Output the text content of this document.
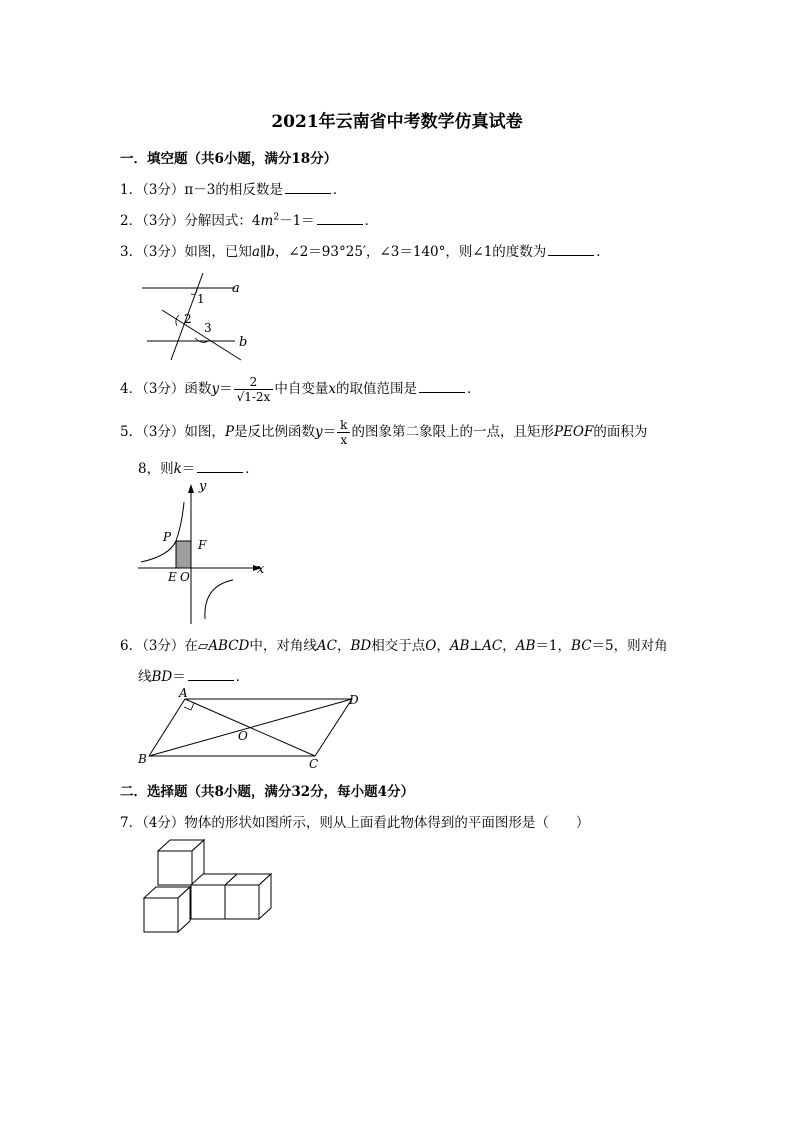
2021年云南省中考数学仿真试卷
一．填空题（共6小题，满分18分）
1．（3分）π－3的相反数是	．
2．（3分）分解因式：$4m^2-1=$	．
3．（3分）如图，已知a∥b，∠2＝93°25′，∠3＝140°，则∠1的度数为	．
a
b
1
2
3
4．（3分）函数$y= \frac{2}{√1-2x}$ 中自变量x的取值范围是	．
5．（3分）如图，P是反比例函数$y= \frac{k}{x}$ 的图象第二象限上的一点，且矩形PEOF的面积为
8，则k＝	．
y
x
P
F
E O
6．（3分）在▱ABCD中，对角线AC，BD相交于点O，AB⊥AC，AB＝1，BC＝5，则对角
线BD＝	．
A	D
B	C
O
二．选择题（共8小题，满分32分，每小题4分）
7．（4分）物体的形状如图所示，则从上面看此物体得到的平面图形是（　　）
